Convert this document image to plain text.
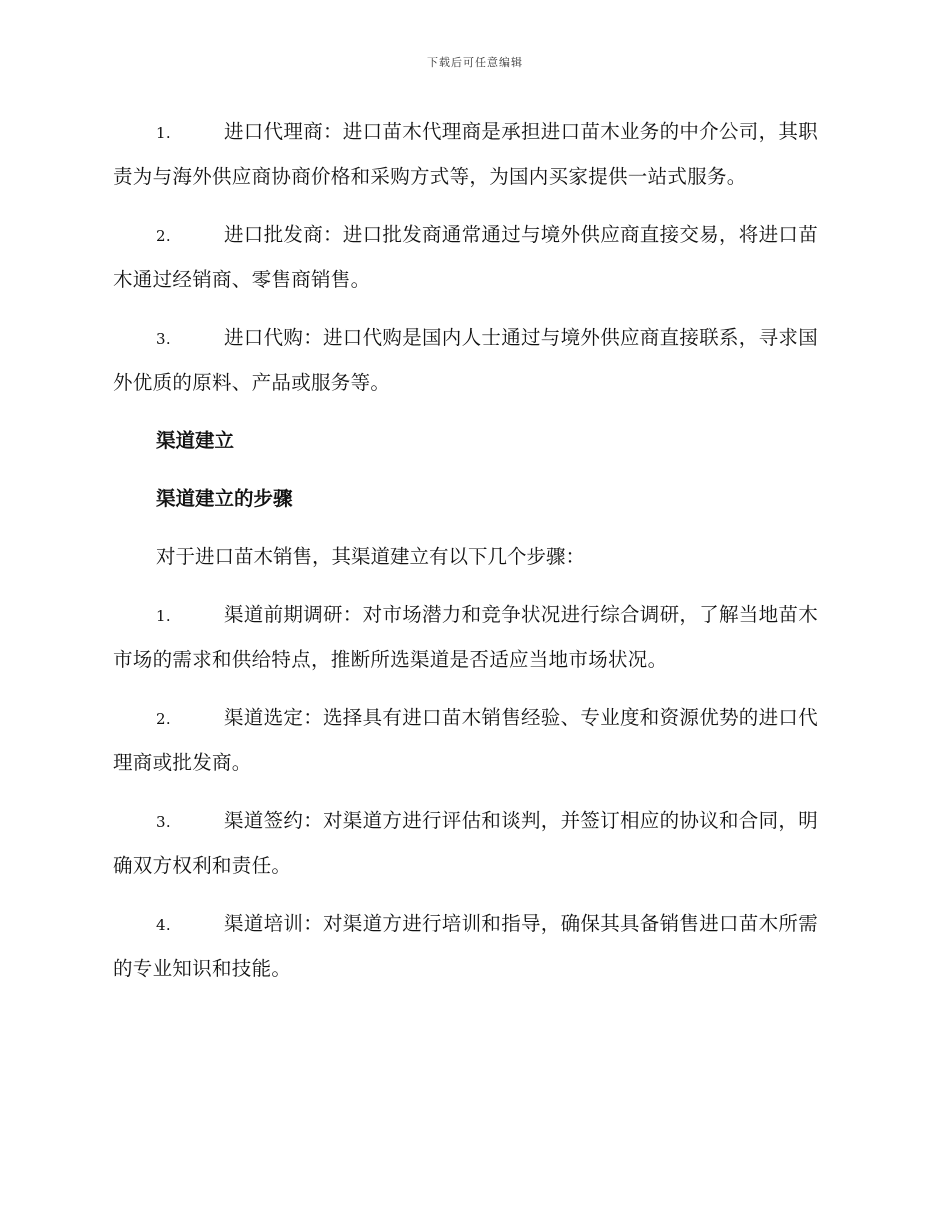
下载后可任意编辑

1.	进口代理商：进口苗木代理商是承担进口苗木业务的中介公司，其职责为与海外供应商协商价格和采购方式等，为国内买家提供一站式服务。

2.	进口批发商：进口批发商通常通过与境外供应商直接交易，将进口苗木通过经销商、零售商销售。

3.	进口代购：进口代购是国内人士通过与境外供应商直接联系，寻求国外优质的原料、产品或服务等。

渠道建立
渠道建立的步骤

对于进口苗木销售，其渠道建立有以下几个步骤：

1.	渠道前期调研：对市场潜力和竞争状况进行综合调研，了解当地苗木市场的需求和供给特点，推断所选渠道是否适应当地市场状况。

2.	渠道选定：选择具有进口苗木销售经验、专业度和资源优势的进口代理商或批发商。

3.	渠道签约：对渠道方进行评估和谈判，并签订相应的协议和合同，明确双方权利和责任。

4.	渠道培训：对渠道方进行培训和指导，确保其具备销售进口苗木所需的专业知识和技能。
